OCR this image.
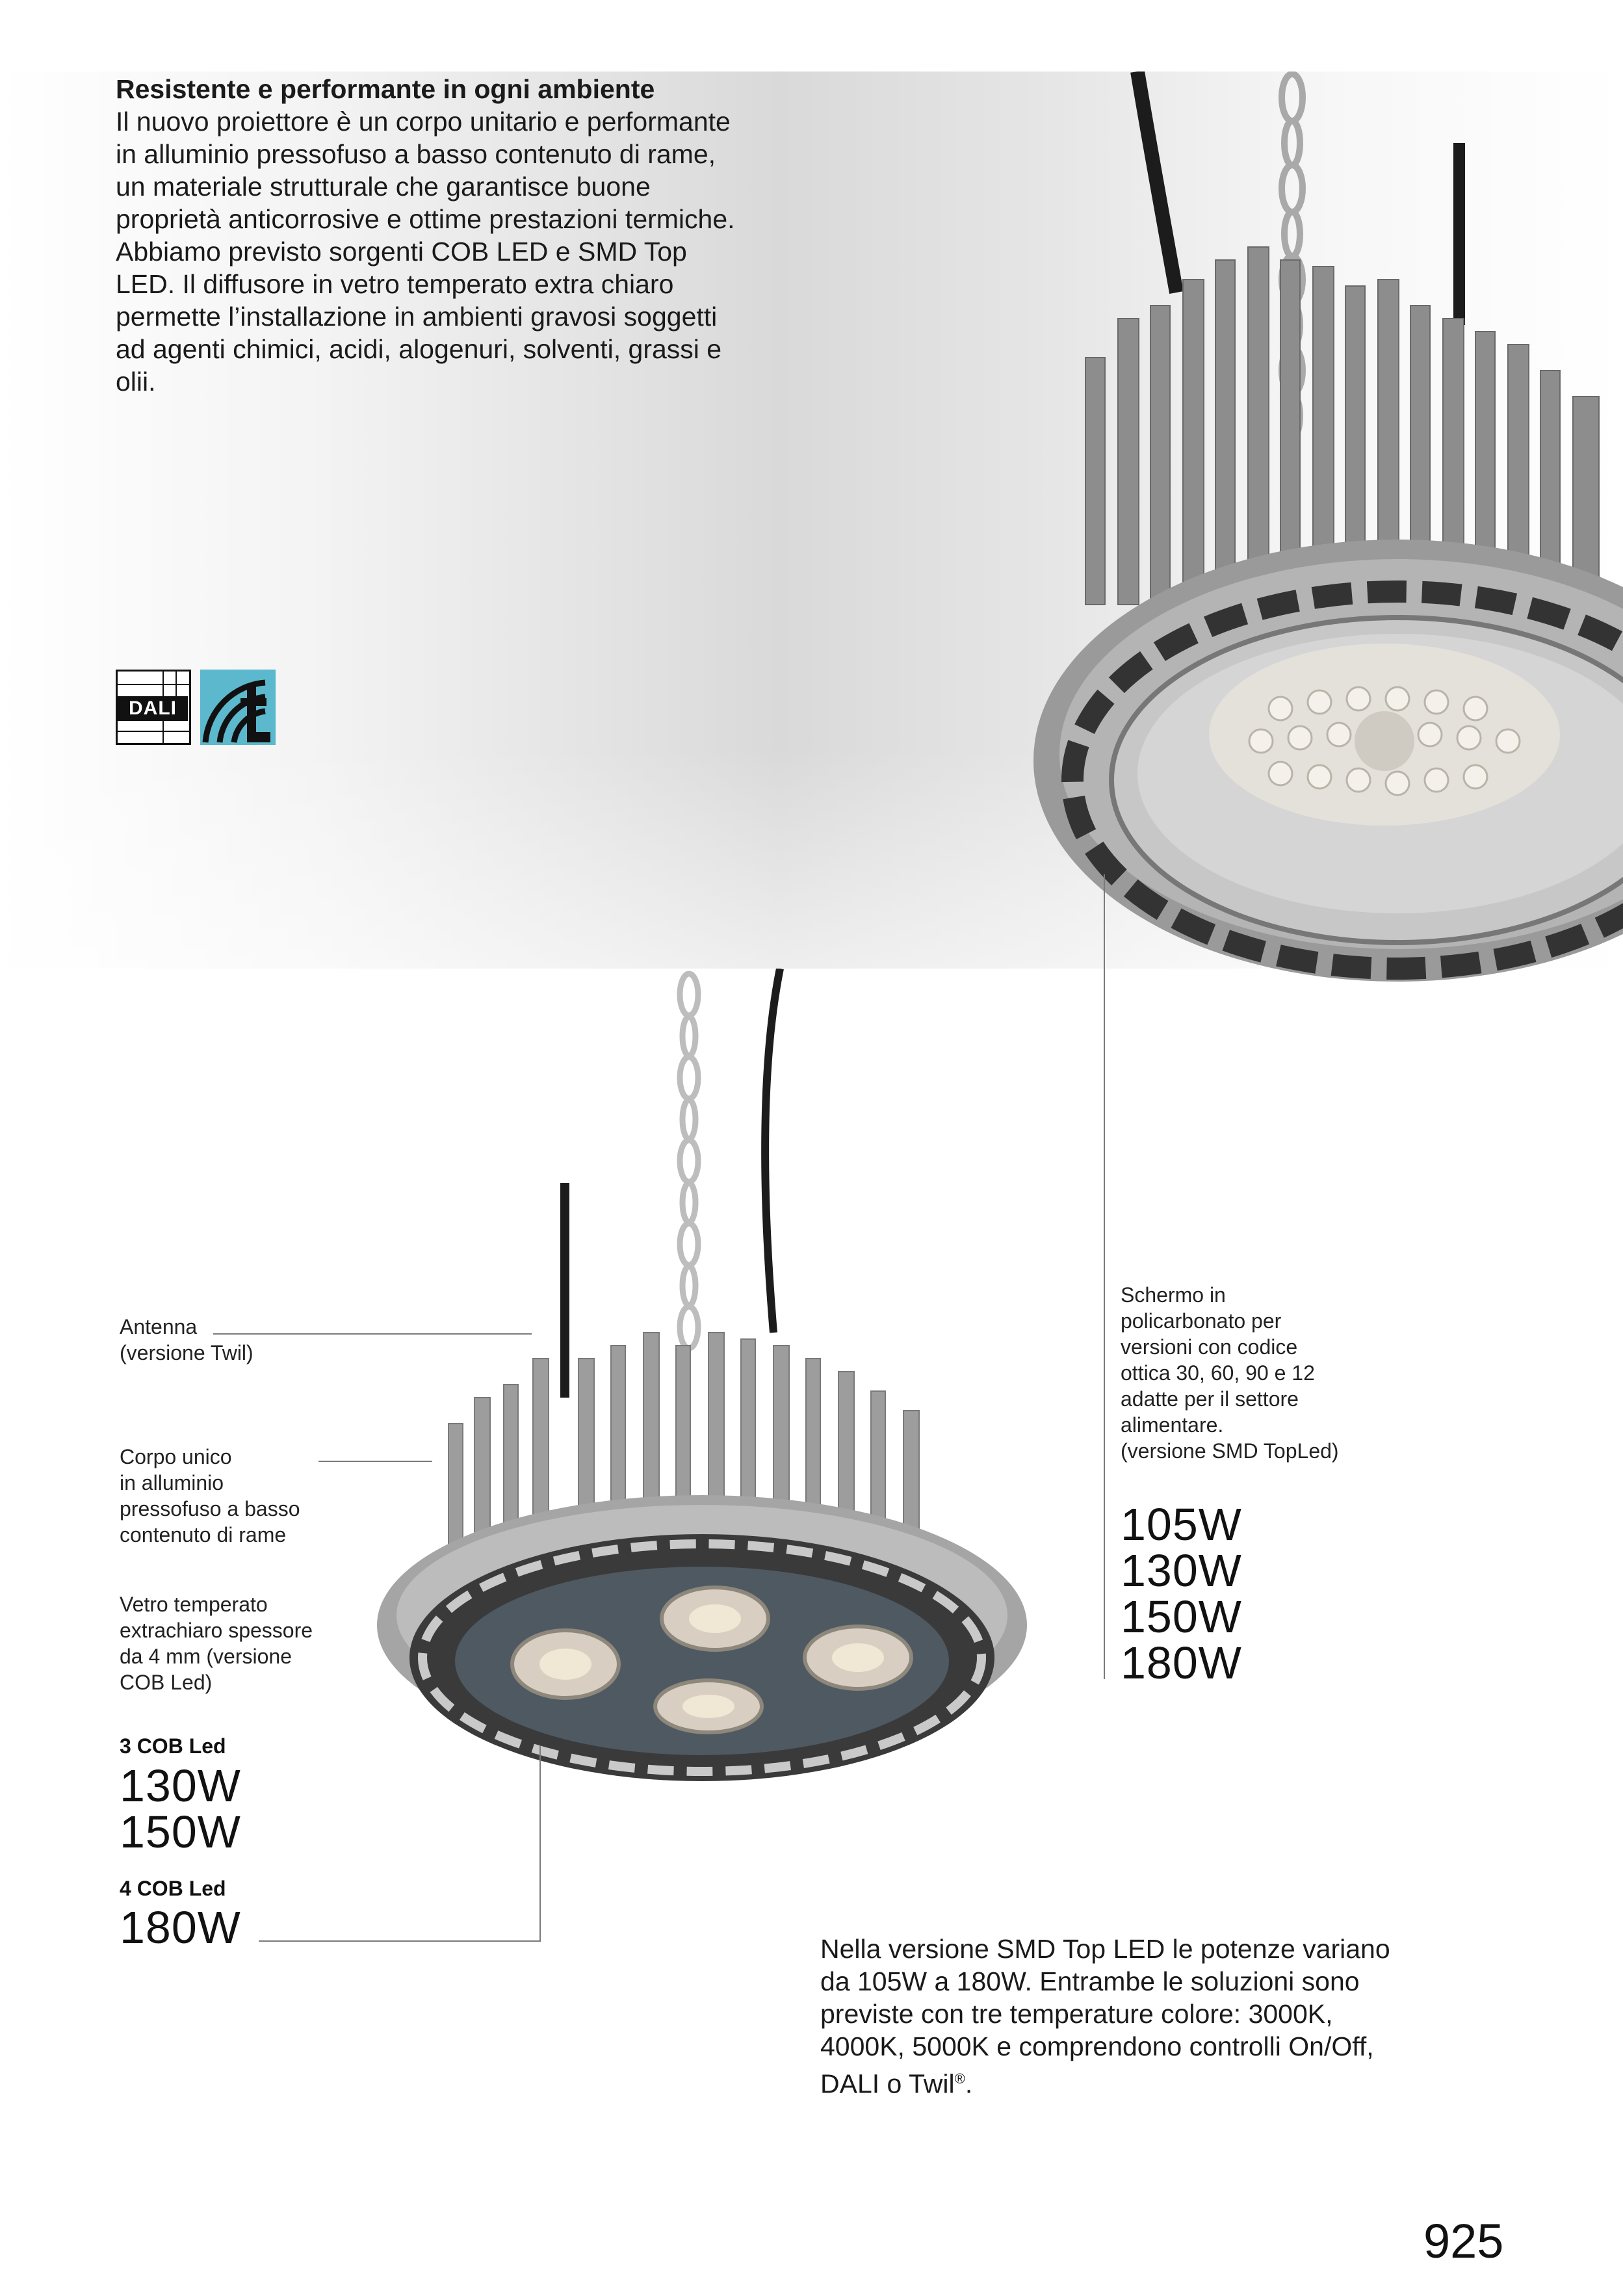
Resistente e performante in ogni ambiente

Il nuovo proiettore è un corpo unitario e performante in alluminio pressofuso a basso contenuto di rame, un materiale strutturale che garantisce buone proprietà anticorrosive e ottime prestazioni termiche. Abbiamo previsto sorgenti COB LED e SMD Top LED. Il diffusore in vetro temperato extra chiaro permette l’installazione in ambienti gravosi soggetti ad agenti chimici, acidi, alogenuri, solventi, grassi e olii.

DALI

Antenna

(versione Twil)

Corpo unico

in alluminio

pressofuso a basso

contenuto di rame

Vetro temperato

extrachiaro spessore

da 4 mm (versione

COB Led)

3 COB Led
130W
150W
4 COB Led
180W

Schermo in

policarbonato per

versioni con codice

ottica 30, 60, 90 e 12

adatte per il settore

alimentare.

(versione SMD TopLed)

105W
130W
150W
180W
Nella versione SMD Top LED le potenze variano da 105W a 180W. Entrambe le soluzioni sono previste con tre temperature colore: 3000K, 4000K, 5000K e comprendono controlli On/Off, DALI o Twil®.
925
